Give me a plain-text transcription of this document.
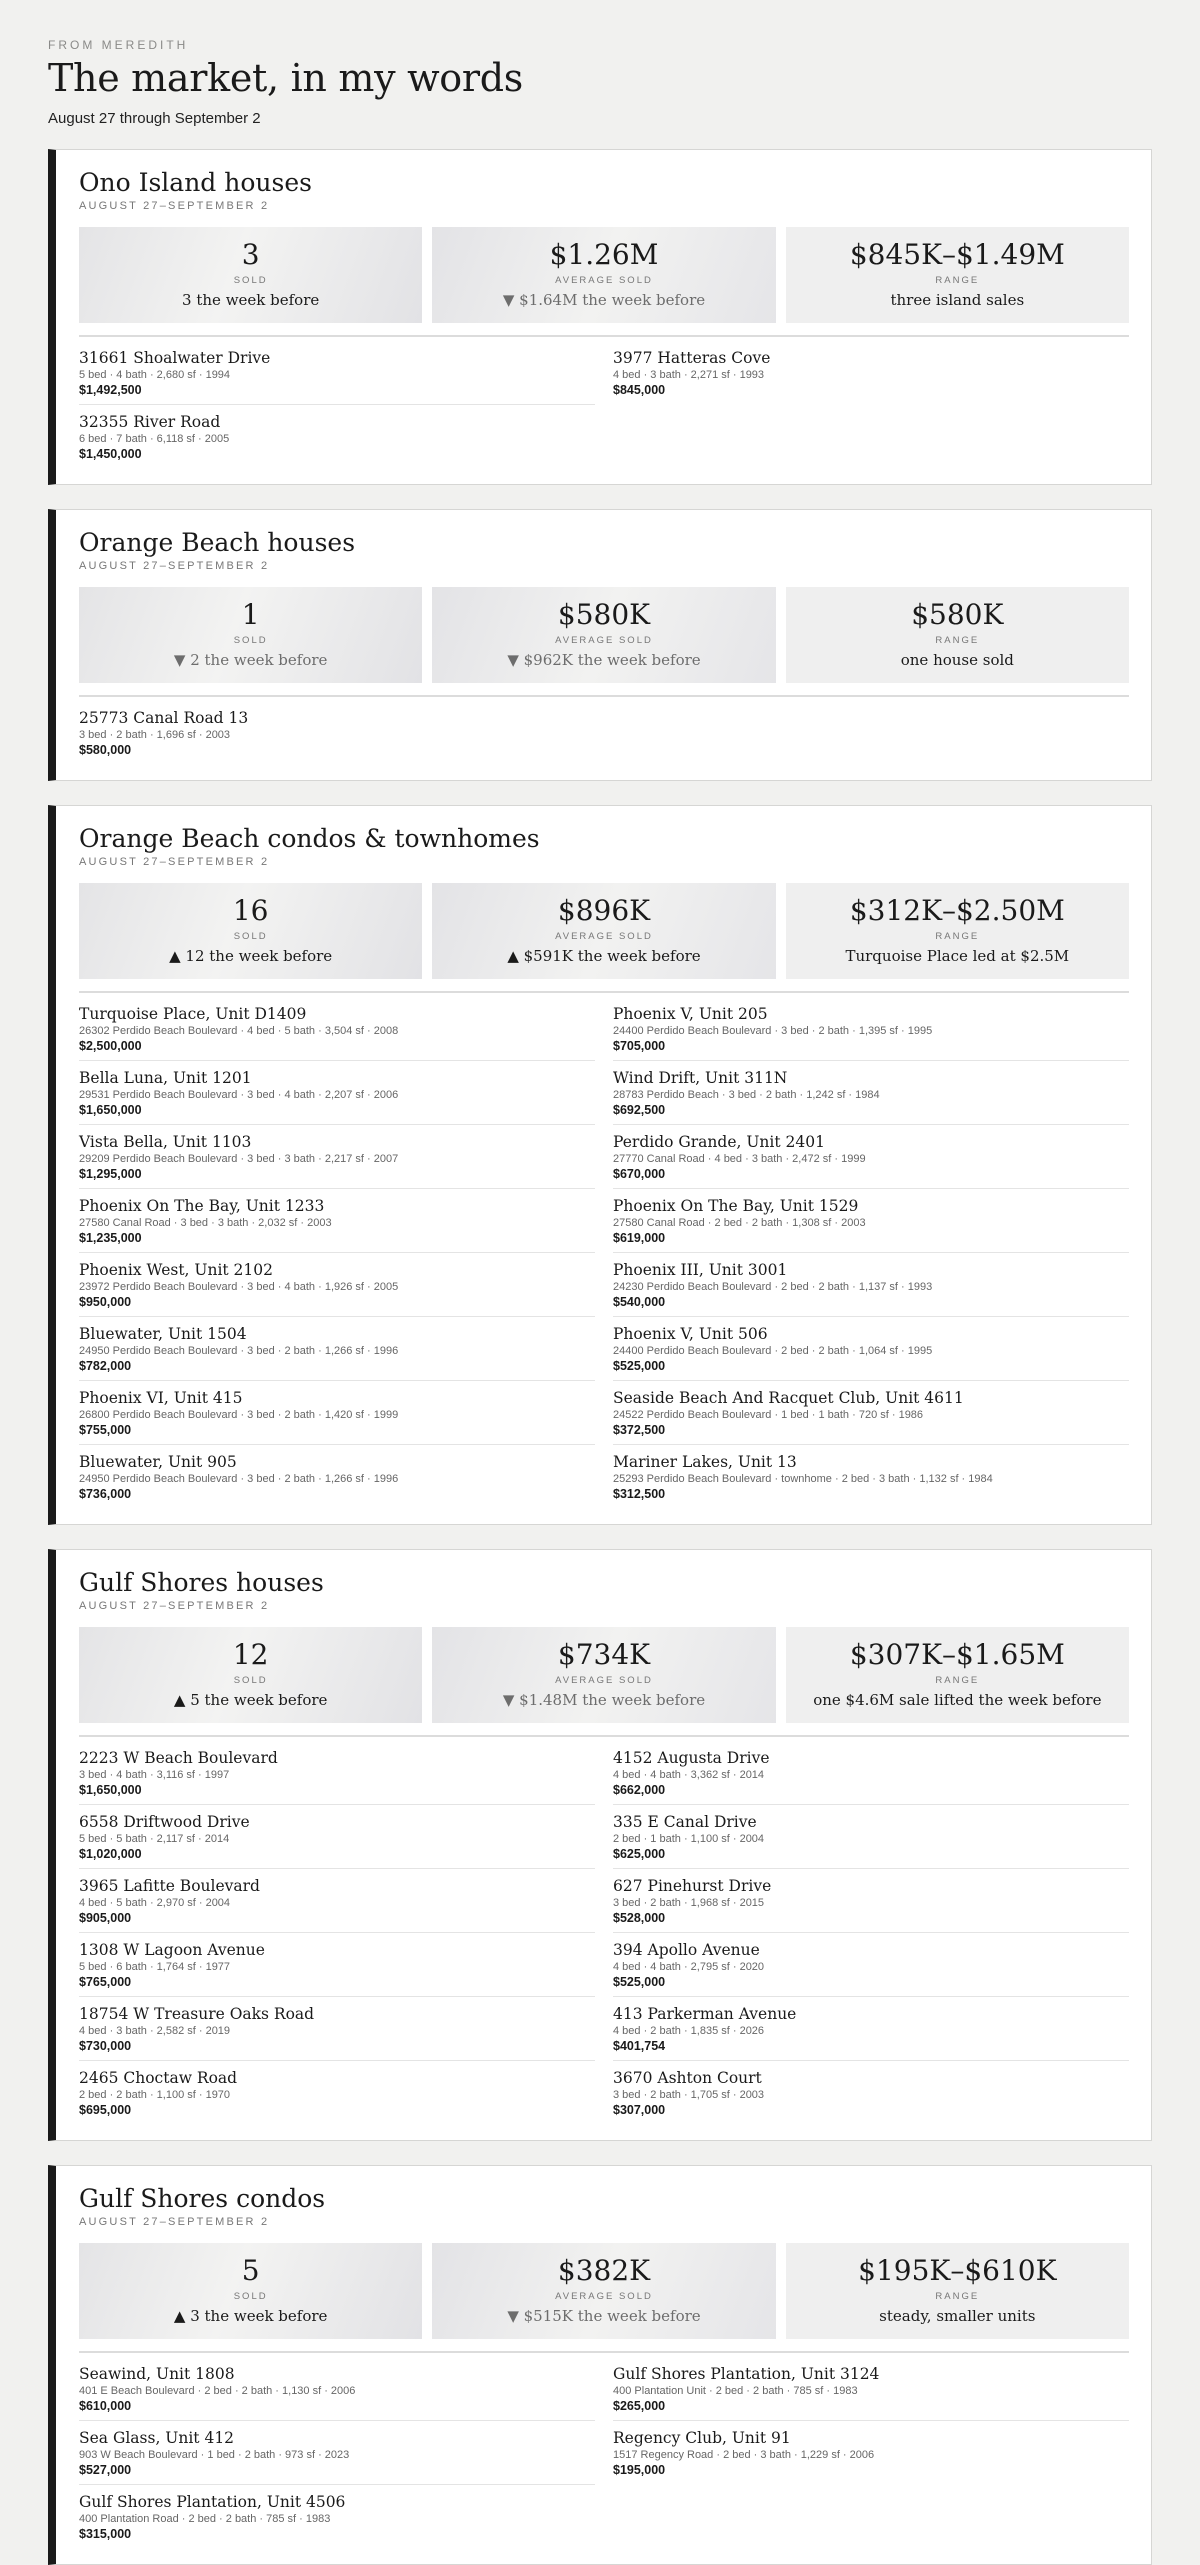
FROM MEREDITH
The market, in my words
August 27 through September 2
Ono Island houses
AUGUST 27–SEPTEMBER 2
3
SOLD
3 the week before
$1.26M
AVERAGE SOLD
▼ $1.64M the week before
$845K–$1.49M
RANGE
three island sales
31661 Shoalwater Drive
5 bed · 4 bath · 2,680 sf · 1994
$1,492,500
32355 River Road
6 bed · 7 bath · 6,118 sf · 2005
$1,450,000
3977 Hatteras Cove
4 bed · 3 bath · 2,271 sf · 1993
$845,000
Orange Beach houses
AUGUST 27–SEPTEMBER 2
1
SOLD
▼ 2 the week before
$580K
AVERAGE SOLD
▼ $962K the week before
$580K
RANGE
one house sold
25773 Canal Road 13
3 bed · 2 bath · 1,696 sf · 2003
$580,000
Orange Beach condos & townhomes
AUGUST 27–SEPTEMBER 2
16
SOLD
▲ 12 the week before
$896K
AVERAGE SOLD
▲ $591K the week before
$312K–$2.50M
RANGE
Turquoise Place led at $2.5M
Turquoise Place, Unit D1409
26302 Perdido Beach Boulevard · 4 bed · 5 bath · 3,504 sf · 2008
$2,500,000
Bella Luna, Unit 1201
29531 Perdido Beach Boulevard · 3 bed · 4 bath · 2,207 sf · 2006
$1,650,000
Vista Bella, Unit 1103
29209 Perdido Beach Boulevard · 3 bed · 3 bath · 2,217 sf · 2007
$1,295,000
Phoenix On The Bay, Unit 1233
27580 Canal Road · 3 bed · 3 bath · 2,032 sf · 2003
$1,235,000
Phoenix West, Unit 2102
23972 Perdido Beach Boulevard · 3 bed · 4 bath · 1,926 sf · 2005
$950,000
Bluewater, Unit 1504
24950 Perdido Beach Boulevard · 3 bed · 2 bath · 1,266 sf · 1996
$782,000
Phoenix VI, Unit 415
26800 Perdido Beach Boulevard · 3 bed · 2 bath · 1,420 sf · 1999
$755,000
Bluewater, Unit 905
24950 Perdido Beach Boulevard · 3 bed · 2 bath · 1,266 sf · 1996
$736,000
Phoenix V, Unit 205
24400 Perdido Beach Boulevard · 3 bed · 2 bath · 1,395 sf · 1995
$705,000
Wind Drift, Unit 311N
28783 Perdido Beach · 3 bed · 2 bath · 1,242 sf · 1984
$692,500
Perdido Grande, Unit 2401
27770 Canal Road · 4 bed · 3 bath · 2,472 sf · 1999
$670,000
Phoenix On The Bay, Unit 1529
27580 Canal Road · 2 bed · 2 bath · 1,308 sf · 2003
$619,000
Phoenix III, Unit 3001
24230 Perdido Beach Boulevard · 2 bed · 2 bath · 1,137 sf · 1993
$540,000
Phoenix V, Unit 506
24400 Perdido Beach Boulevard · 2 bed · 2 bath · 1,064 sf · 1995
$525,000
Seaside Beach And Racquet Club, Unit 4611
24522 Perdido Beach Boulevard · 1 bed · 1 bath · 720 sf · 1986
$372,500
Mariner Lakes, Unit 13
25293 Perdido Beach Boulevard · townhome · 2 bed · 3 bath · 1,132 sf · 1984
$312,500
Gulf Shores houses
AUGUST 27–SEPTEMBER 2
12
SOLD
▲ 5 the week before
$734K
AVERAGE SOLD
▼ $1.48M the week before
$307K–$1.65M
RANGE
one $4.6M sale lifted the week before
2223 W Beach Boulevard
3 bed · 4 bath · 3,116 sf · 1997
$1,650,000
6558 Driftwood Drive
5 bed · 5 bath · 2,117 sf · 2014
$1,020,000
3965 Lafitte Boulevard
4 bed · 5 bath · 2,970 sf · 2004
$905,000
1308 W Lagoon Avenue
5 bed · 6 bath · 1,764 sf · 1977
$765,000
18754 W Treasure Oaks Road
4 bed · 3 bath · 2,582 sf · 2019
$730,000
2465 Choctaw Road
2 bed · 2 bath · 1,100 sf · 1970
$695,000
4152 Augusta Drive
4 bed · 4 bath · 3,362 sf · 2014
$662,000
335 E Canal Drive
2 bed · 1 bath · 1,100 sf · 2004
$625,000
627 Pinehurst Drive
3 bed · 2 bath · 1,968 sf · 2015
$528,000
394 Apollo Avenue
4 bed · 4 bath · 2,795 sf · 2020
$525,000
413 Parkerman Avenue
4 bed · 2 bath · 1,835 sf · 2026
$401,754
3670 Ashton Court
3 bed · 2 bath · 1,705 sf · 2003
$307,000
Gulf Shores condos
AUGUST 27–SEPTEMBER 2
5
SOLD
▲ 3 the week before
$382K
AVERAGE SOLD
▼ $515K the week before
$195K–$610K
RANGE
steady, smaller units
Seawind, Unit 1808
401 E Beach Boulevard · 2 bed · 2 bath · 1,130 sf · 2006
$610,000
Sea Glass, Unit 412
903 W Beach Boulevard · 1 bed · 2 bath · 973 sf · 2023
$527,000
Gulf Shores Plantation, Unit 4506
400 Plantation Road · 2 bed · 2 bath · 785 sf · 1983
$315,000
Gulf Shores Plantation, Unit 3124
400 Plantation Unit · 2 bed · 2 bath · 785 sf · 1983
$265,000
Regency Club, Unit 91
1517 Regency Road · 2 bed · 3 bath · 1,229 sf · 2006
$195,000
